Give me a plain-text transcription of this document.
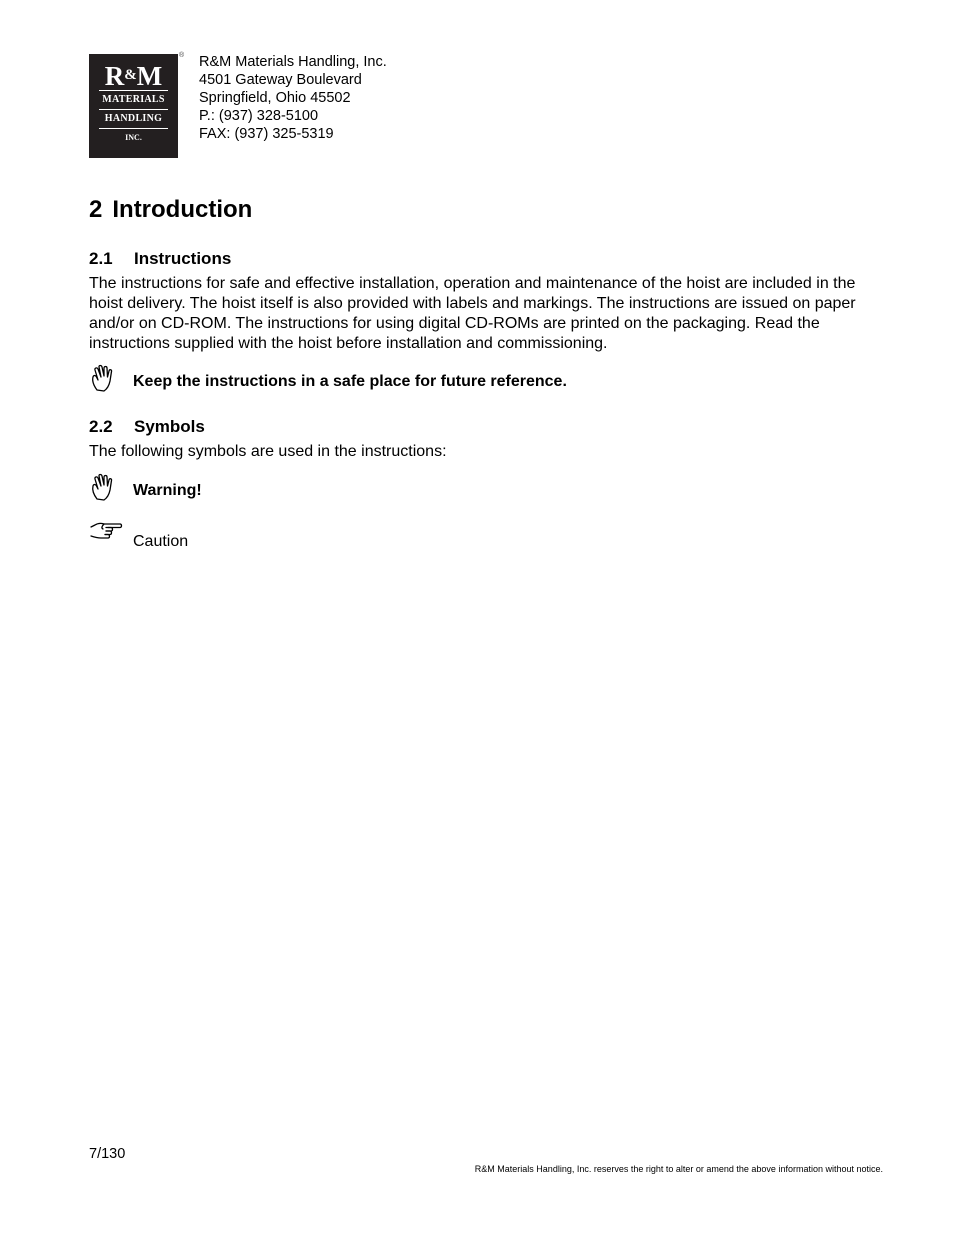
R&M
MATERIALS
HANDLING
INC.
® R&M Materials Handling, Inc.
4501 Gateway Boulevard
Springfield, Ohio 45502
P.: (937) 328-5100
FAX: (937) 325-5319
2 Introduction
2.1 Instructions

The instructions for safe and effective installation, operation and maintenance of the hoist are included in the hoist delivery. The hoist itself is also provided with labels and markings. The instructions are issued on paper and/or on CD-ROM. The instructions for using digital CD-ROMs are printed on the packaging. Read the instructions supplied with the hoist before installation and commissioning.

Keep the instructions in a safe place for future reference.
2.2 Symbols

The following symbols are used in the instructions:

Warning!
Caution
7/130
R&M Materials Handling, Inc. reserves the right to alter or amend the above information without notice.
